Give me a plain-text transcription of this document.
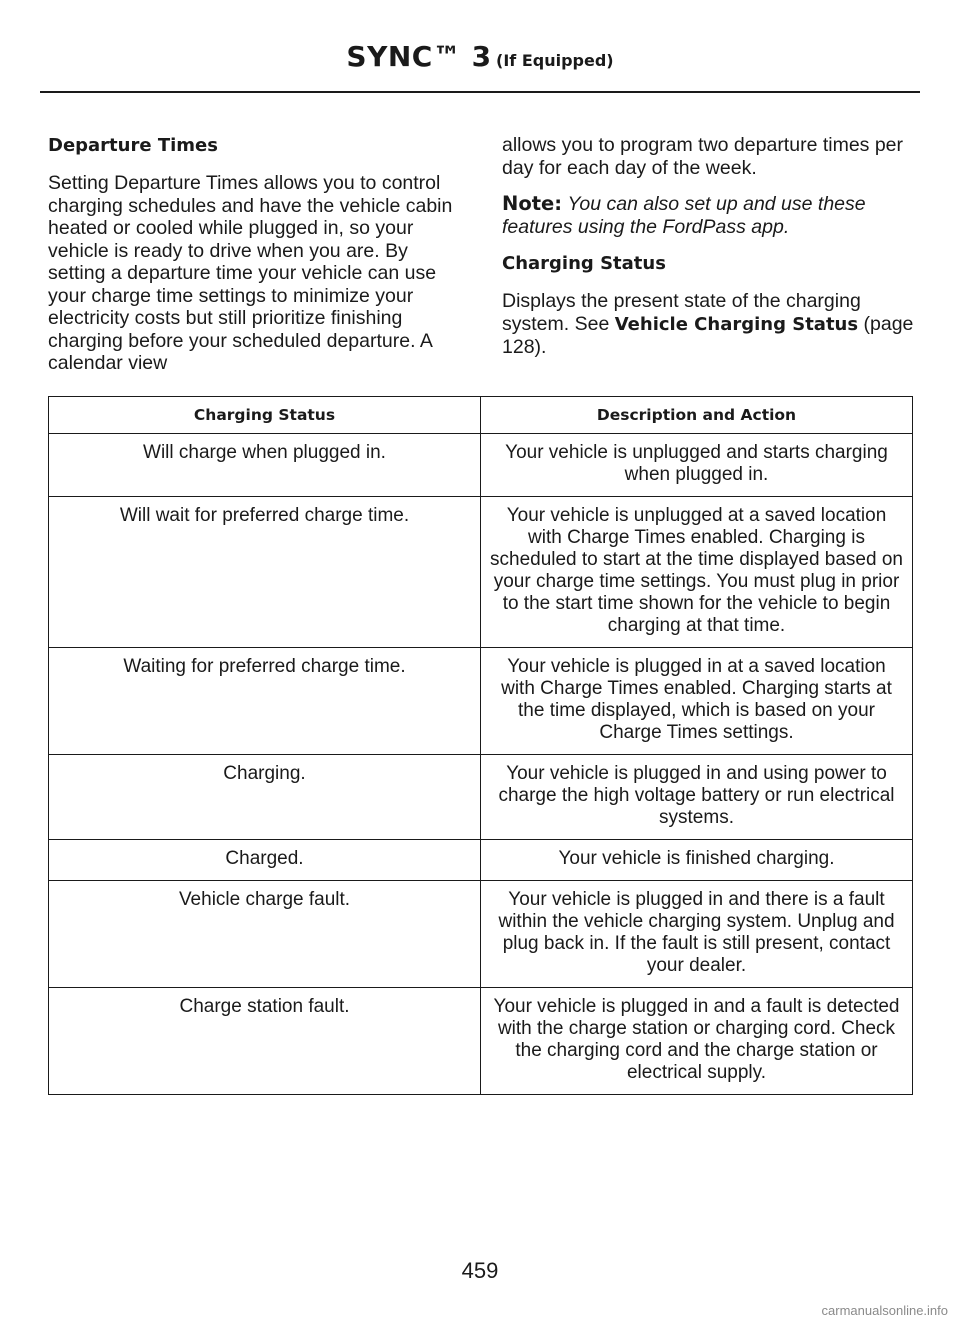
SYNC™ 3 (If Equipped)
Departure Times

Setting Departure Times allows you to control charging schedules and have the vehicle cabin heated or cooled while plugged in, so your vehicle is ready to drive when you are. By setting a departure time your vehicle can use your charge time settings to minimize your electricity costs but still prioritize finishing charging before your scheduled departure. A calendar view

allows you to program two departure times per day for each day of the week.

Note: You can also set up and use these features using the FordPass app.

Charging Status

Displays the present state of the charging system. See Vehicle Charging Status (page 128).

Charging Status	Description and Action
Will charge when plugged in.	Your vehicle is unplugged and starts charging when plugged in.
Will wait for preferred charge time.	Your vehicle is unplugged at a saved location with Charge Times enabled. Charging is scheduled to start at the time displayed based on your charge time settings. You must plug in prior to the start time shown for the vehicle to begin charging at that time.
Waiting for preferred charge time.	Your vehicle is plugged in at a saved location with Charge Times enabled. Charging starts at the time displayed, which is based on your Charge Times settings.
Charging.	Your vehicle is plugged in and using power to charge the high voltage battery or run electrical systems.
Charged.	Your vehicle is finished charging.
Vehicle charge fault.	Your vehicle is plugged in and there is a fault within the vehicle charging system. Unplug and plug back in. If the fault is still present, contact your dealer.
Charge station fault.	Your vehicle is plugged in and a fault is detected with the charge station or charging cord. Check the charging cord and the charge station or electrical supply.
459
carmanualsonline.info
